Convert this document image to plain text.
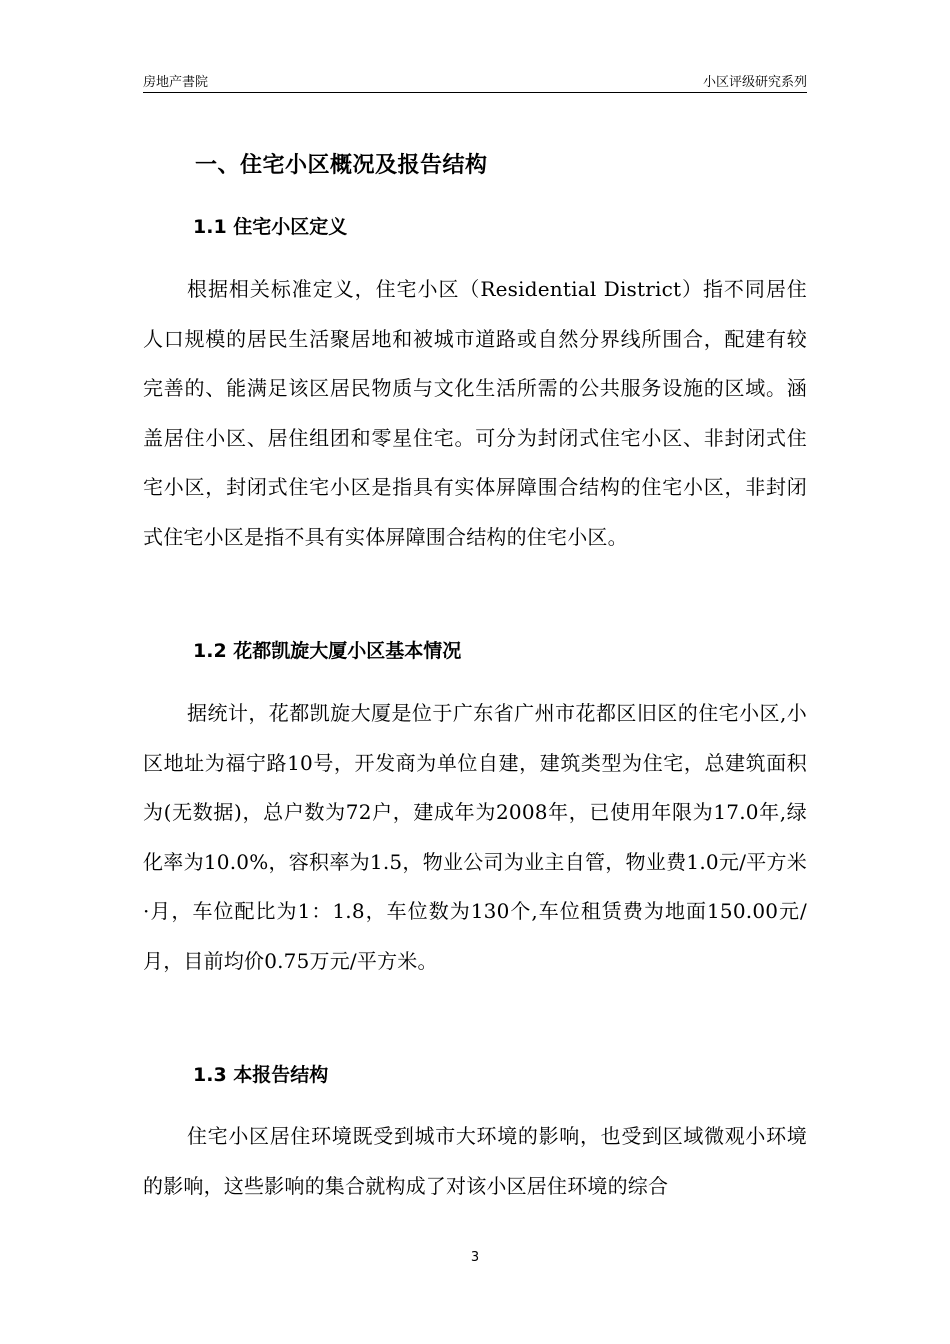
房地产書院	小区评级研究系列
一、住宅小区概况及报告结构
1.1 住宅小区定义

根据相关标准定义，住宅小区（Residential District）指不同居住人口规模的居民生活聚居地和被城市道路或自然分界线所围合，配建有较完善的、能满足该区居民物质与文化生活所需的公共服务设施的区域。涵盖居住小区、居住组团和零星住宅。可分为封闭式住宅小区、非封闭式住宅小区，封闭式住宅小区是指具有实体屏障围合结构的住宅小区，非封闭式住宅小区是指不具有实体屏障围合结构的住宅小区。

1.2 花都凯旋大厦小区基本情况

据统计，花都凯旋大厦是位于广东省广州市花都区旧区的住宅小区,小区地址为福宁路10号，开发商为单位自建，建筑类型为住宅，总建筑面积为(无数据)，总户数为72户，建成年为2008年，已使用年限为17.0年,绿化率为10.0%，容积率为1.5，物业公司为业主自管，物业费1.0元/平方米·月，车位配比为1：1.8，车位数为130个,车位租赁费为地面150.00元/月，目前均价0.75万元/平方米。

1.3 本报告结构

住宅小区居住环境既受到城市大环境的影响，也受到区域微观小环境的影响，这些影响的集合就构成了对该小区居住环境的综合

3
